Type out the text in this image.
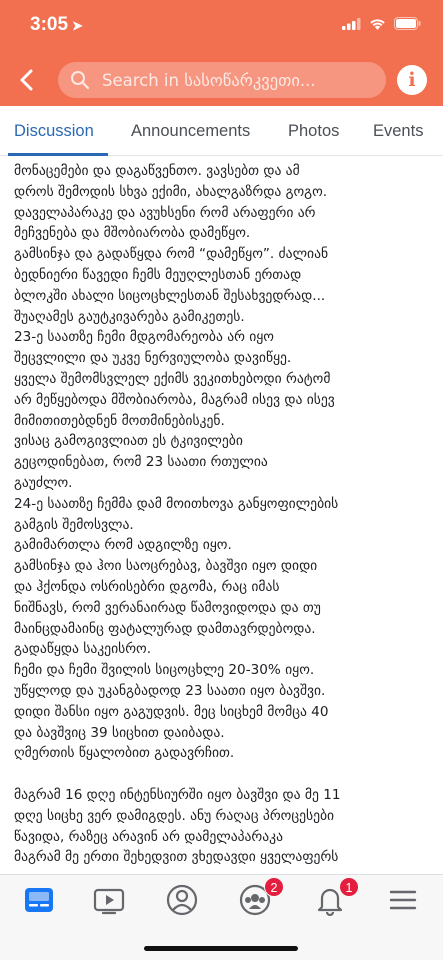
3:05 ➤
Search in სასოწარკვეთი...	i
Discussion Announcements Photos Events
მონაცემები და დაგაწვენთო. ვავსებთ და ამ
დროს შემოდის სხვა ექიმი, ახალგაზრდა გოგო.
დაველაპარაკე და ავუხსენი რომ არაფერი არ
მეჩვენება და მშობიარობა დამეწყო.
გამსინჯა და გადაწყდა რომ “დამეწყო”. ძალიან
ბედნიერი წავედი ჩემს მეუღლესთან ერთად
ბლოკში ახალი სიცოცხლესთან შესახვედრად...
შუაღამეს გაუტკივარება გამიკეთეს.
23-ე საათზე ჩემი მდგომარეობა არ იყო
შეცვლილი და უკვე ნერვიულობა დავიწყე.
ყველა შემომსვლელ ექიმს ვეკითხებოდი რატომ
არ მეწყებოდა მშობიარობა, მაგრამ ისევ და ისევ
მიმითითებდნენ მოთმინებისკენ.
ვისაც გამოგივლიათ ეს ტკივილები
გეცოდინებათ, რომ 23 საათი რთულია
გაუძლო.
24-ე საათზე ჩემმა დამ მოითხოვა განყოფილების
გამგის შემოსვლა.
გამიმართლა რომ ადგილზე იყო.
გამსინჯა და ჰოი საოცრებავ, ბავშვი იყო დიდი
და ჰქონდა ოსრისებრი დგომა, რაც იმას
ნიშნავს, რომ ვერანაირად წამოვიდოდა და თუ
მაინცდამაინც ფატალურად დამთავრდებოდა.
გადაწყდა საკეისრო.
ჩემი და ჩემი შვილის სიცოცხლე 20-30% იყო.
უწყლოდ და უკანგბადოდ 23 საათი იყო ბავშვი.
დიდი შანსი იყო გაგუდვის. მეც სიცხემ მომცა 40
და ბავშვიც 39 სიცხით დაიბადა.
ღმერთის წყალობით გადავრჩით.
მაგრამ 16 დღე ინტენსიურში იყო ბავშვი და მე 11
დღე სიცხე ვერ დამიგდეს. ანუ რაღაც პროცესები
წავიდა, რაზეც არავინ არ დამელაპარაკა
მაგრამ მე ერთი შეხედვით ვხედავდი ყველაფერს
2	1
